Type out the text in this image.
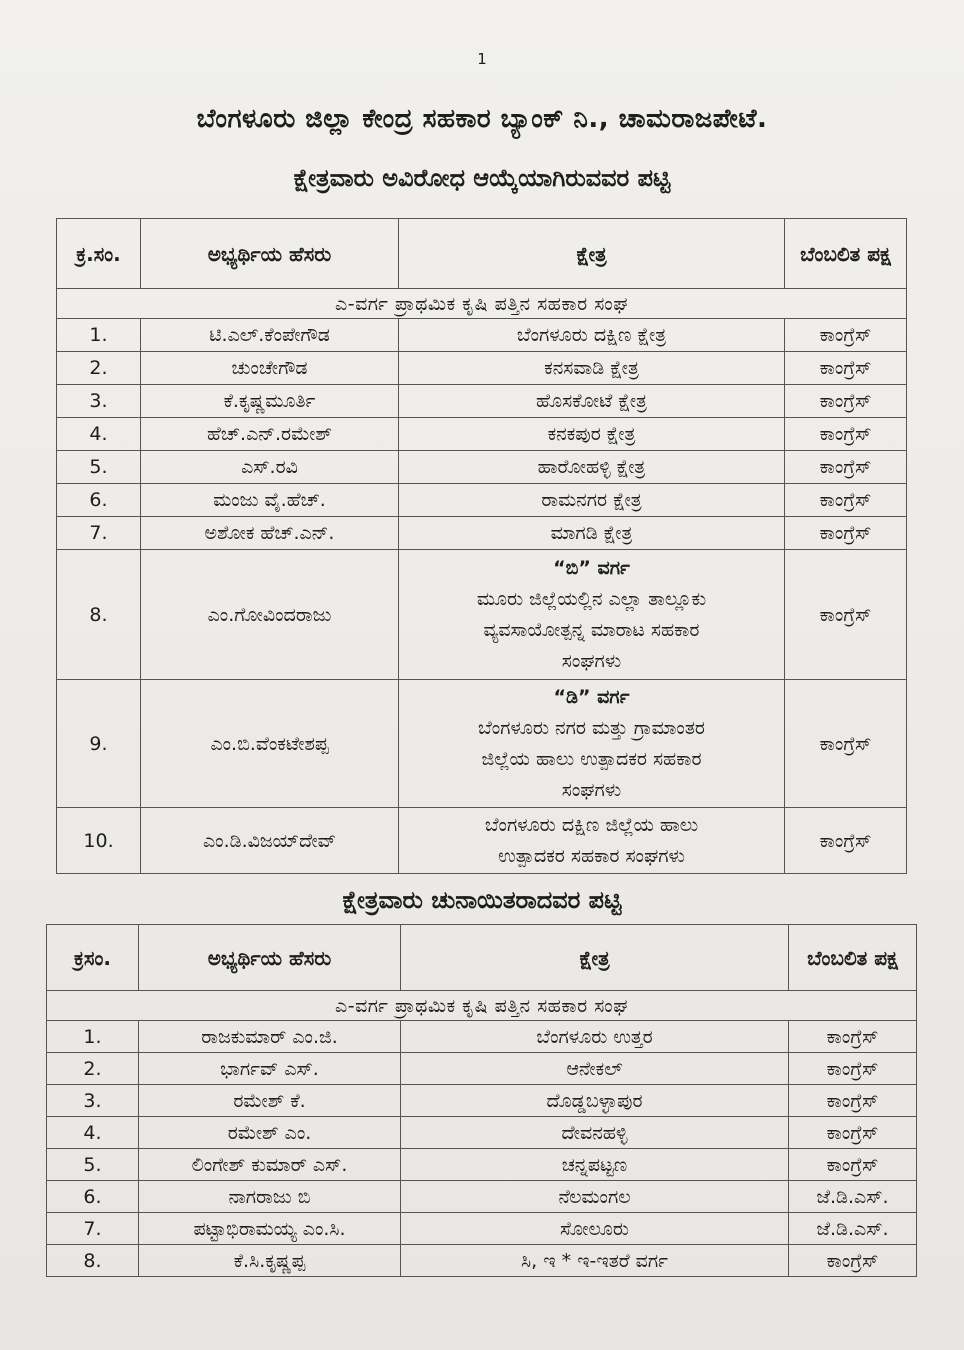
1
ಬೆಂಗಳೂರು ಜಿಲ್ಲಾ ಕೇಂದ್ರ ಸಹಕಾರ ಬ್ಯಾಂಕ್ ನಿ., ಚಾಮರಾಜಪೇಟೆ.
ಕ್ಷೇತ್ರವಾರು ಅವಿರೋಧ ಆಯ್ಕೆಯಾಗಿರುವವರ ಪಟ್ಟಿ
ಕ್ರ.ಸಂ.	ಅಭ್ಯರ್ಥಿಯ ಹೆಸರು	ಕ್ಷೇತ್ರ	ಬೆಂಬಲಿತ ಪಕ್ಷ
ಎ-ವರ್ಗ ಪ್ರಾಥಮಿಕ ಕೃಷಿ ಪತ್ತಿನ ಸಹಕಾರ ಸಂಘ			
1.	ಟಿ.ಎಲ್.ಕೆಂಪೇಗೌಡ	ಬೆಂಗಳೂರು ದಕ್ಷಿಣ ಕ್ಷೇತ್ರ	ಕಾಂಗ್ರೆಸ್
2.	ಚುಂಚೇಗೌಡ	ಕನಸವಾಡಿ ಕ್ಷೇತ್ರ	ಕಾಂಗ್ರೆಸ್
3.	ಕೆ.ಕೃಷ್ಣಮೂರ್ತಿ	ಹೊಸಕೋಟೆ ಕ್ಷೇತ್ರ	ಕಾಂಗ್ರೆಸ್
4.	ಹೆಚ್.ಎನ್.ರಮೇಶ್	ಕನಕಪುರ ಕ್ಷೇತ್ರ	ಕಾಂಗ್ರೆಸ್
5.	ಎಸ್.ರವಿ	ಹಾರೋಹಳ್ಳಿ ಕ್ಷೇತ್ರ	ಕಾಂಗ್ರೆಸ್
6.	ಮಂಜು ವೈ.ಹೆಚ್.	ರಾಮನಗರ ಕ್ಷೇತ್ರ	ಕಾಂಗ್ರೆಸ್
7.	ಅಶೋಕ ಹೆಚ್.ಎನ್.	ಮಾಗಡಿ ಕ್ಷೇತ್ರ	ಕಾಂಗ್ರೆಸ್
8.	ಎಂ.ಗೋವಿಂದರಾಜು	“ಬಿ” ವರ್ಗ
ಮೂರು ಜಿಲ್ಲೆಯಲ್ಲಿನ ಎಲ್ಲಾ ತಾಲ್ಲೂಕು
ವ್ಯವಸಾಯೋತ್ಪನ್ನ ಮಾರಾಟ ಸಹಕಾರ
ಸಂಘಗಳು	ಕಾಂಗ್ರೆಸ್
9.	ಎಂ.ಬಿ.ವೆಂಕಟೇಶಪ್ಪ	“ಡಿ” ವರ್ಗ
ಬೆಂಗಳೂರು ನಗರ ಮತ್ತು ಗ್ರಾಮಾಂತರ
ಜಿಲ್ಲೆಯ ಹಾಲು ಉತ್ಪಾದಕರ ಸಹಕಾರ
ಸಂಘಗಳು	ಕಾಂಗ್ರೆಸ್
10.	ಎಂ.ಡಿ.ವಿಜಯ್‌ದೇವ್	ಬೆಂಗಳೂರು ದಕ್ಷಿಣ ಜಿಲ್ಲೆಯ ಹಾಲು
ಉತ್ಪಾದಕರ ಸಹಕಾರ ಸಂಘಗಳು	ಕಾಂಗ್ರೆಸ್
ಕ್ಷೇತ್ರವಾರು ಚುನಾಯಿತರಾದವರ ಪಟ್ಟಿ
ಕ್ರಸಂ.	ಅಭ್ಯರ್ಥಿಯ ಹೆಸರು	ಕ್ಷೇತ್ರ	ಬೆಂಬಲಿತ ಪಕ್ಷ
ಎ-ವರ್ಗ ಪ್ರಾಥಮಿಕ ಕೃಷಿ ಪತ್ತಿನ ಸಹಕಾರ ಸಂಘ			
1.	ರಾಜಕುಮಾರ್ ಎಂ.ಜಿ.	ಬೆಂಗಳೂರು ಉತ್ತರ	ಕಾಂಗ್ರೆಸ್
2.	ಭಾರ್ಗವ್ ಎಸ್.	ಆನೇಕಲ್	ಕಾಂಗ್ರೆಸ್
3.	ರಮೇಶ್ ಕೆ.	ದೊಡ್ಡಬಳ್ಳಾಪುರ	ಕಾಂಗ್ರೆಸ್
4.	ರಮೇಶ್ ಎಂ.	ದೇವನಹಳ್ಳಿ	ಕಾಂಗ್ರೆಸ್
5.	ಲಿಂಗೇಶ್ ಕುಮಾರ್ ಎಸ್.	ಚನ್ನಪಟ್ಟಣ	ಕಾಂಗ್ರೆಸ್
6.	ನಾಗರಾಜು ಬಿ	ನೆಲಮಂಗಲ	ಜೆ.ಡಿ.ಎಸ್.
7.	ಪಟ್ಟಾಭಿರಾಮಯ್ಯ ಎಂ.ಸಿ.	ಸೋಲೂರು	ಜೆ.ಡಿ.ಎಸ್.
8.	ಕೆ.ಸಿ.ಕೃಷ್ಣಪ್ಪ	ಸಿ, ಇ * ಇ-ಇತರೆ ವರ್ಗ	ಕಾಂಗ್ರೆಸ್
